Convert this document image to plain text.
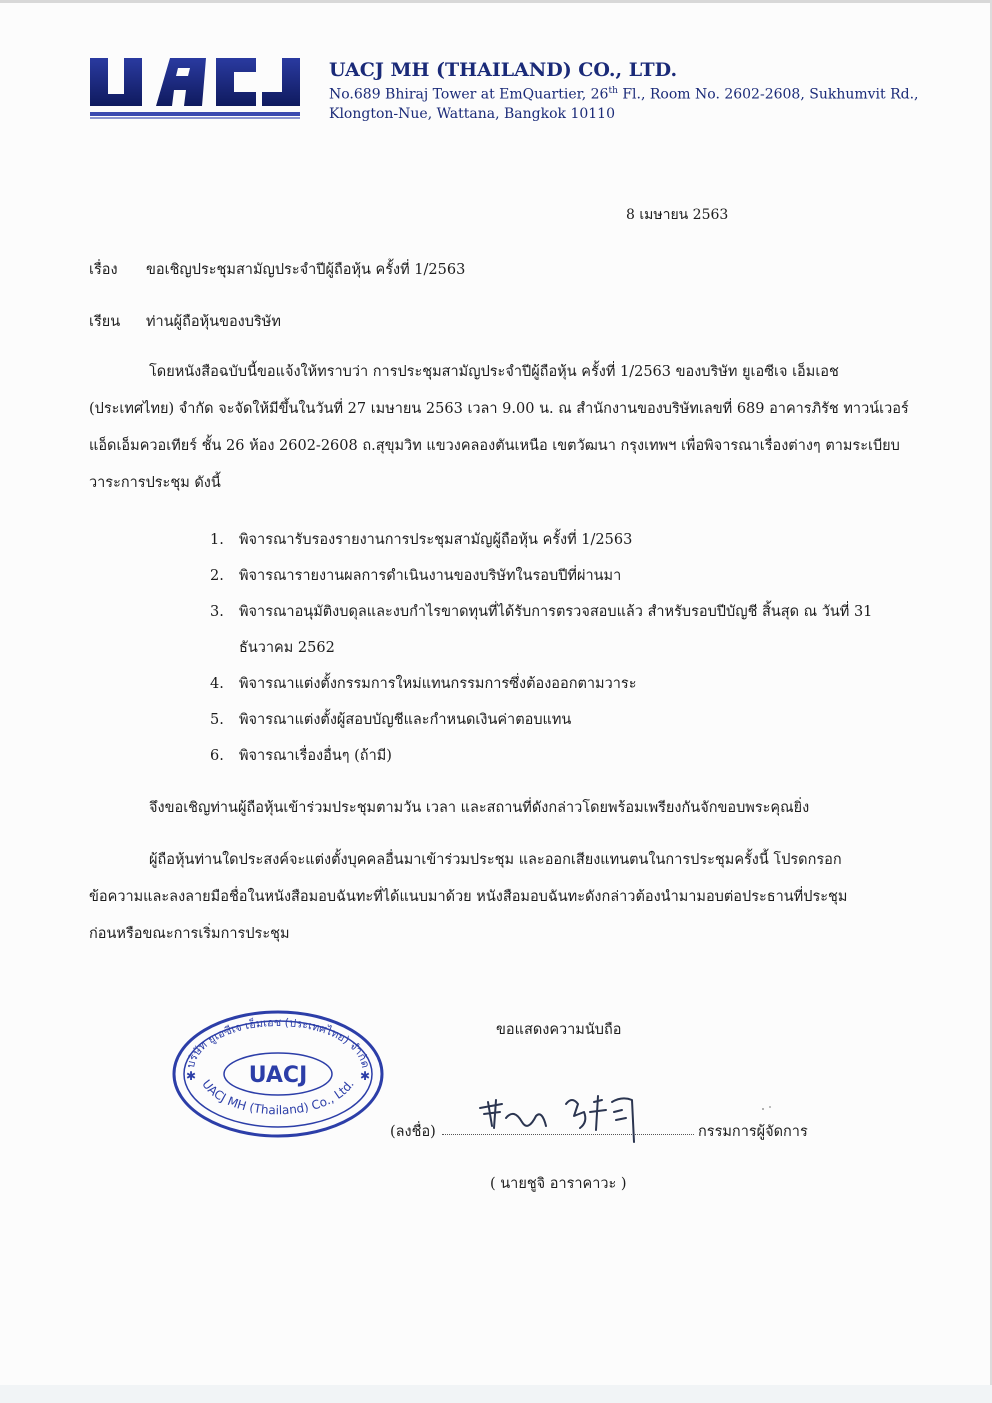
UACJ MH (THAILAND) CO., LTD.
No.689 Bhiraj Tower at EmQuartier, 26th Fl., Room No. 2602-2608, Sukhumvit Rd.,
Klongton-Nue, Wattana, Bangkok 10110
8 เมษายน 2563
เรื่อง ขอเชิญประชุมสามัญประจำปีผู้ถือหุ้น ครั้งที่ 1/2563
เรียน ท่านผู้ถือหุ้นของบริษัท
โดยหนังสือฉบับนี้ขอแจ้งให้ทราบว่า การประชุมสามัญประจำปีผู้ถือหุ้น ครั้งที่ 1/2563 ของบริษัท ยูเอซีเจ เอ็มเอช
(ประเทศไทย) จำกัด จะจัดให้มีขึ้นในวันที่ 27 เมษายน 2563 เวลา 9.00 น. ณ สำนักงานของบริษัทเลขที่ 689 อาคารภิรัช ทาวน์เวอร์
แอ็ดเอ็มควอเทียร์ ชั้น 26 ห้อง 2602-2608 ถ.สุขุมวิท แขวงคลองตันเหนือ เขตวัฒนา กรุงเทพฯ เพื่อพิจารณาเรื่องต่างๆ ตามระเบียบ
วาระการประชุม ดังนี้
1. พิจารณารับรองรายงานการประชุมสามัญผู้ถือหุ้น ครั้งที่ 1/2563
2. พิจารณารายงานผลการดำเนินงานของบริษัทในรอบปีที่ผ่านมา
3. พิจารณาอนุมัติงบดุลและงบกำไรขาดทุนที่ได้รับการตรวจสอบแล้ว สำหรับรอบปีบัญชี สิ้นสุด ณ วันที่ 31
ธันวาคม 2562
4. พิจารณาแต่งตั้งกรรมการใหม่แทนกรรมการซึ่งต้องออกตามวาระ
5. พิจารณาแต่งตั้งผู้สอบบัญชีและกำหนดเงินค่าตอบแทน
6. พิจารณาเรื่องอื่นๆ (ถ้ามี)
จึงขอเชิญท่านผู้ถือหุ้นเข้าร่วมประชุมตามวัน เวลา และสถานที่ดังกล่าวโดยพร้อมเพรียงกันจักขอบพระคุณยิ่ง
ผู้ถือหุ้นท่านใดประสงค์จะแต่งตั้งบุคคลอื่นมาเข้าร่วมประชุม และออกเสียงแทนตนในการประชุมครั้งนี้ โปรดกรอก
ข้อความและลงลายมือชื่อในหนังสือมอบฉันทะที่ได้แนบมาด้วย หนังสือมอบฉันทะดังกล่าวต้องนำมามอบต่อประธานที่ประชุม
ก่อนหรือขณะการเริ่มการประชุม
ขอแสดงความนับถือ
บริษัท ยูเอซีเจ เอ็มเอช (ประเทศไทย) จำกัด
UACJ MH (Thailand) Co., Ltd.
UACJ
✱	✱
(ลงชื่อ)	กรรมการผู้จัดการ
( นายชูจิ อาราคาวะ )
